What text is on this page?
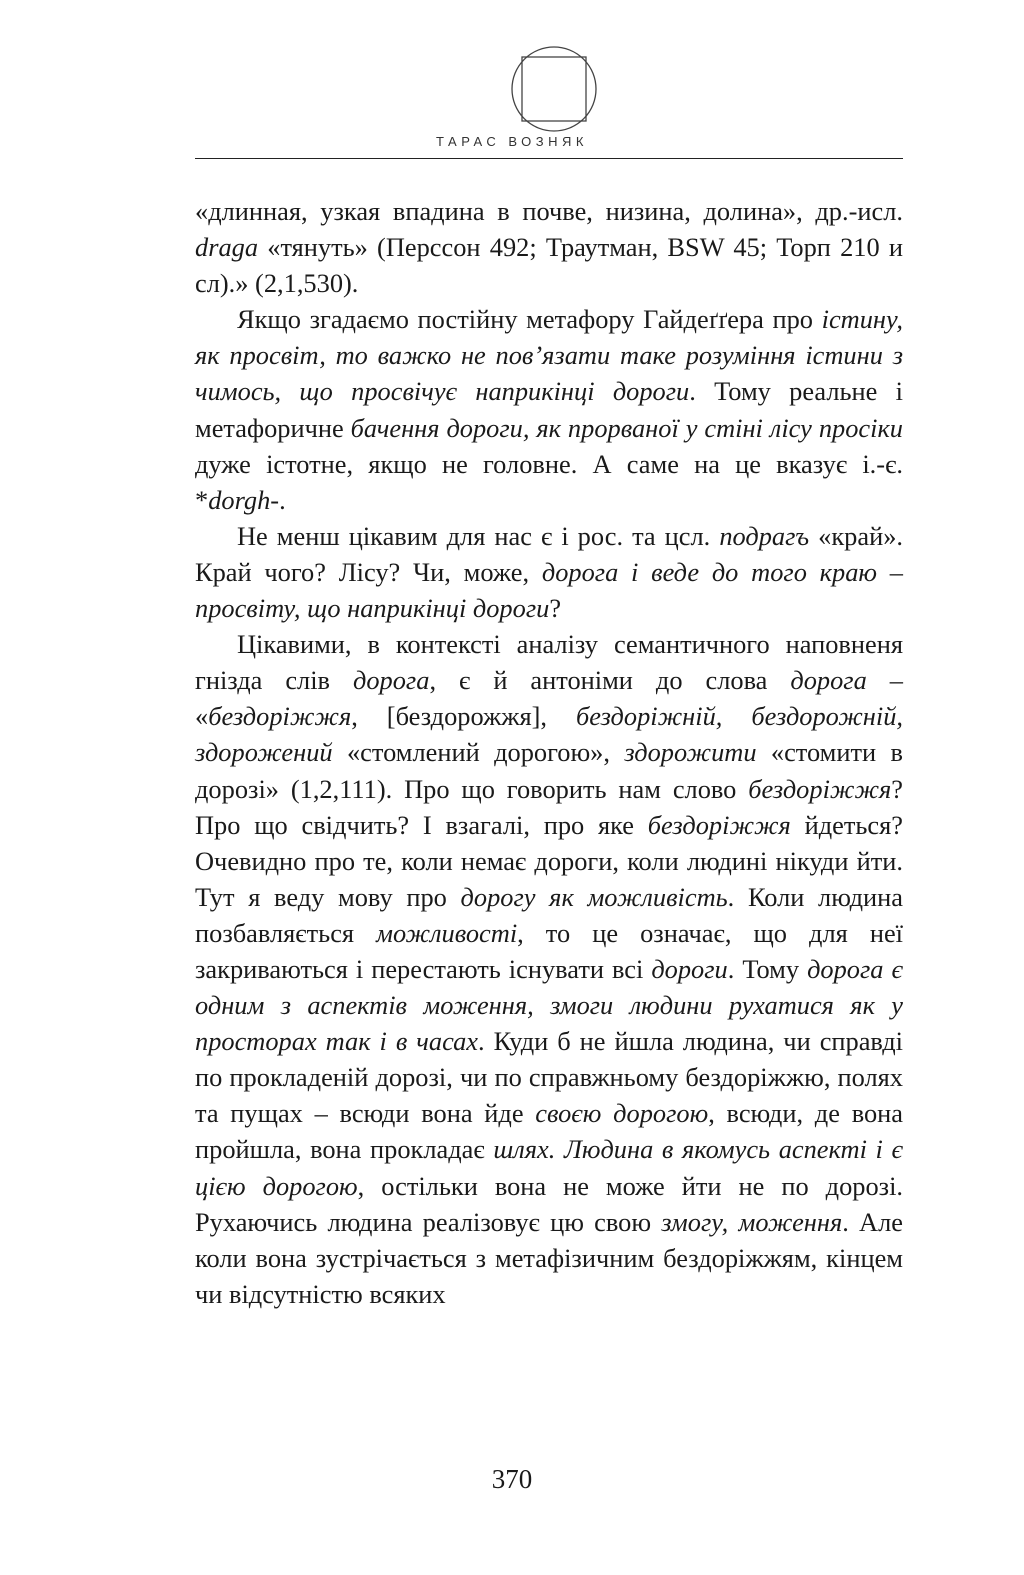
ТАРАС ВОЗНЯК

«длинная, узкая впадина в почве, низина, долина», др.-исл. draga «тянуть» (Перссон 492; Траутман, BSW 45; Торп 210 и сл).» (2,1,530).

Якщо згадаємо постійну метафору Гайдеґґера про істину, як просвіт, то важко не пов’язати таке розуміння істини з чимось, що просвічує наприкінці дороги. Тому реальне і метафоричне бачення дороги, як прорваної у стіні лісу просіки дуже істотне, якщо не головне. А саме на це вказує і.-є. *dorgh-.

Не менш цікавим для нас є і рос. та цсл. подрагъ «край». Край чого? Лісу? Чи, може, дорога і веде до того краю – просвіту, що наприкінці дороги?

Цікавими, в контексті аналізу семантичного наповненя гнізда слів дорога, є й антоніми до слова дорога – «бездоріжжя, [бездорожжя], бездоріжній, бездорожній, здорожений «стомлений дорогою», здорожити «стомити в дорозі» (1,2,111). Про що говорить нам слово бездоріжжя? Про що свідчить? І взагалі, про яке бездоріжжя йдеться? Очевидно про те, коли немає дороги, коли людині нікуди йти. Тут я веду мову про дорогу як можливість. Коли людина позбавляється можливості, то це означає, що для неї закриваються і перестають існувати всі дороги. Тому дорога є одним з аспектів моження, змоги людини рухатися як у просторах так і в часах. Куди б не йшла людина, чи справді по прокладеній дорозі, чи по справжньому бездоріжжю, полях та пущах – всюди вона йде своєю дорогою, всюди, де вона пройшла, вона прокладає шлях. Людина в якомусь аспекті і є цією дорогою, остільки вона не може йти не по дорозі. Рухаючись людина реалізовує цю свою змогу, моження. Але коли вона зустрічається з метафізичним бездоріжжям, кінцем чи відсутністю всяких

370
